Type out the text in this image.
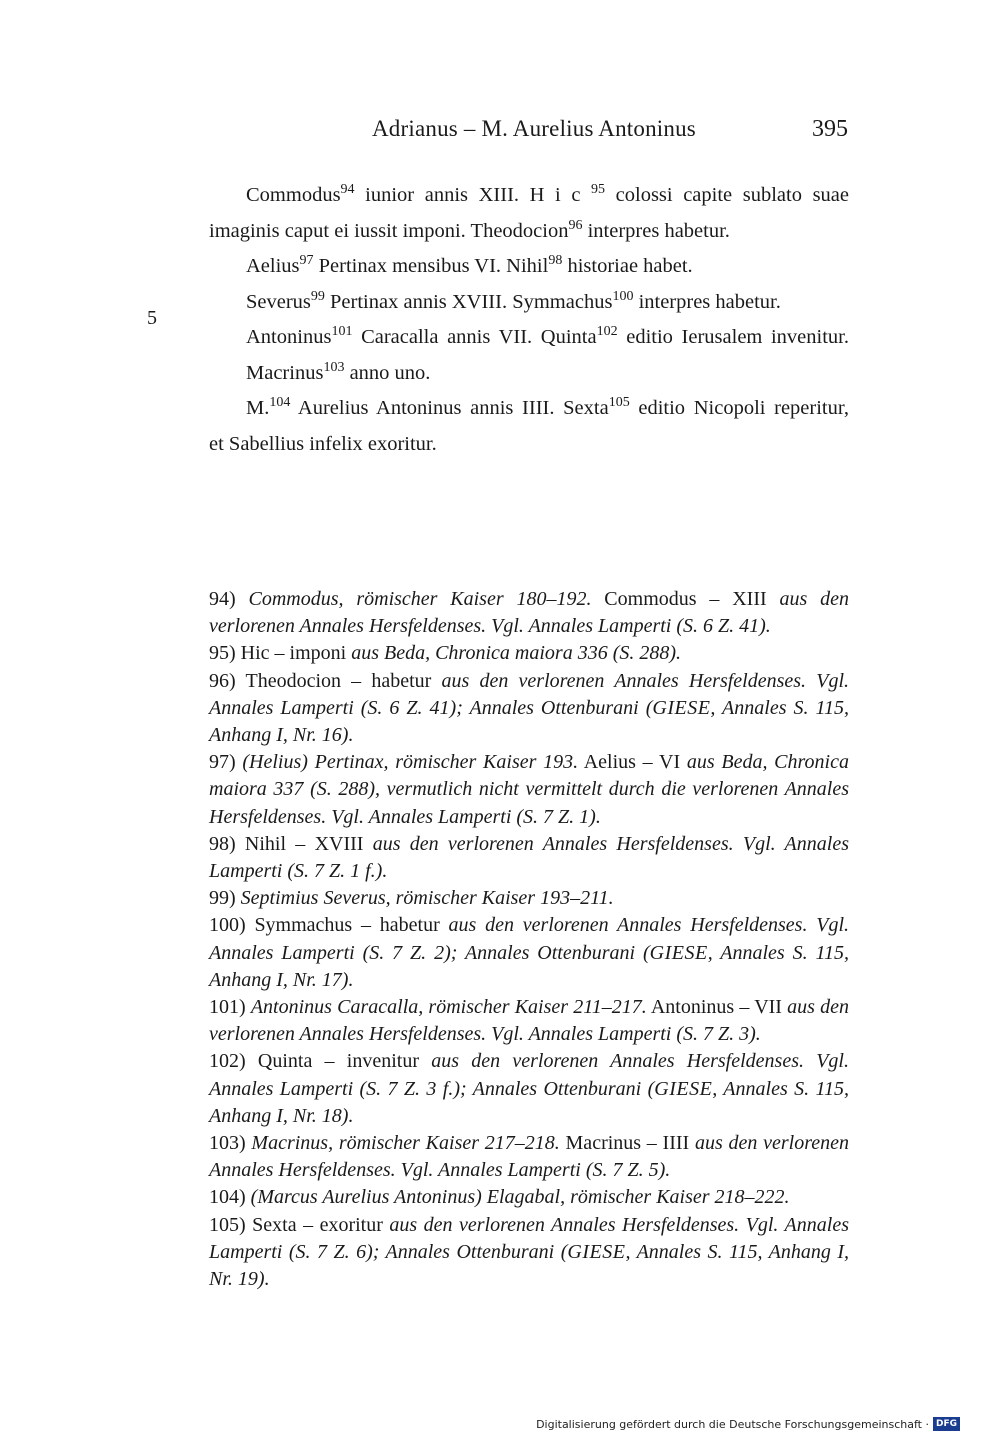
Adrianus – M. Aurelius Antoninus	395
5

Commodus$^{94}$ iunior annis XIII. H i c $^{95}$ colossi capite sublato suae

imaginis caput ei iussit imponi. Theodocion$^{96}$ interpres habetur.

Aelius$^{97}$ Pertinax mensibus VI. Nihil$^{98}$ historiae habet.

Severus$^{99}$ Pertinax annis XVIII. Symmachus$^{100}$ interpres habetur.

Antoninus$^{101}$ Caracalla annis VII. Quinta$^{102}$ editio Ierusalem invenitur.

Macrinus$^{103}$ anno uno.

M.$^{104}$ Aurelius Antoninus annis IIII. Sexta$^{105}$ editio Nicopoli reperitur,

et Sabellius infelix exoritur.

94) Commodus, römischer Kaiser 180–192. Commodus – XIII aus den verlorenen Annales Hersfeldenses. Vgl. Annales Lamperti (S. 6 Z. 41).

95) Hic – imponi aus Beda, Chronica maiora 336 (S. 288).

96) Theodocion – habetur aus den verlorenen Annales Hersfeldenses. Vgl. Annales Lamperti (S. 6 Z. 41); Annales Ottenburani (GIESE, Annales S. 115, Anhang I, Nr. 16).

97) (Helius) Pertinax, römischer Kaiser 193. Aelius – VI aus Beda, Chronica maiora 337 (S. 288), vermutlich nicht vermittelt durch die verlorenen Annales Hersfeldenses. Vgl. Annales Lamperti (S. 7 Z. 1).

98) Nihil – XVIII aus den verlorenen Annales Hersfeldenses. Vgl. Annales Lamperti (S. 7 Z. 1 f.).

99) Septimius Severus, römischer Kaiser 193–211.

100) Symmachus – habetur aus den verlorenen Annales Hersfeldenses. Vgl. Annales Lamperti (S. 7 Z. 2); Annales Ottenburani (GIESE, Annales S. 115, Anhang I, Nr. 17).

101) Antoninus Caracalla, römischer Kaiser 211–217. Antoninus – VII aus den verlorenen Annales Hersfeldenses. Vgl. Annales Lamperti (S. 7 Z. 3).

102) Quinta – invenitur aus den verlorenen Annales Hersfeldenses. Vgl. Annales Lamperti (S. 7 Z. 3 f.); Annales Ottenburani (GIESE, Annales S. 115, Anhang I, Nr. 18).

103) Macrinus, römischer Kaiser 217–218. Macrinus – IIII aus den verlorenen Annales Hersfeldenses. Vgl. Annales Lamperti (S. 7 Z. 5).

104) (Marcus Aurelius Antoninus) Elagabal, römischer Kaiser 218–222.

105) Sexta – exoritur aus den verlorenen Annales Hersfeldenses. Vgl. Annales Lamperti (S. 7 Z. 6); Annales Ottenburani (GIESE, Annales S. 115, Anhang I, Nr. 19).

Digitalisierung gefördert durch die Deutsche Forschungsgemeinschaft · DFG
